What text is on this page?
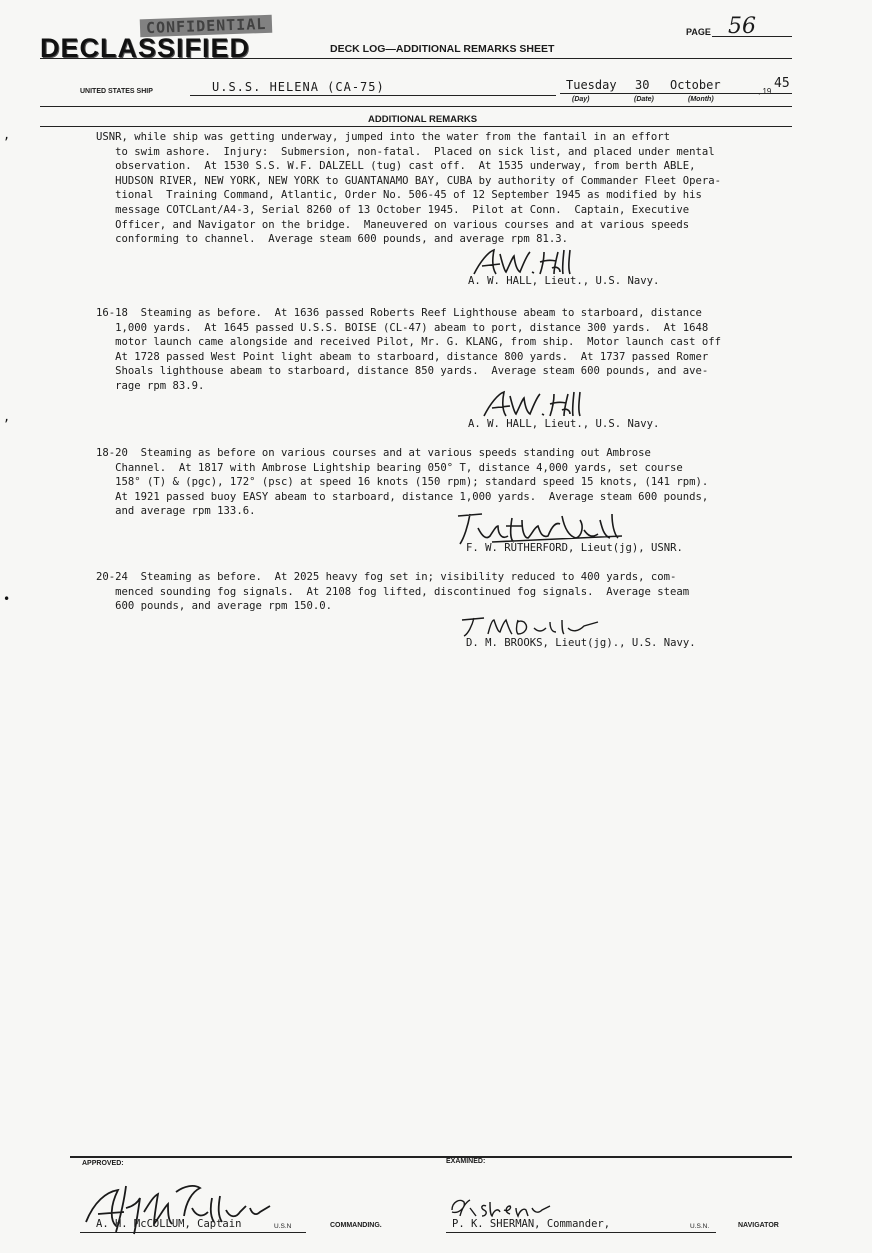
,
,
•
CONFIDENTIAL
DECLASSIFIED
PAGE 56
DECK LOG—ADDITIONAL REMARKS SHEET
UNITED STATES SHIP	U.S.S. HELENA (CA-75)	Tuesday 30 October	, 19
45
(Day)	(Date)	(Month)
ADDITIONAL REMARKS
USNR, while ship was getting underway, jumped into the water from the fantail in an effort
to swim ashore.  Injury:  Submersion, non-fatal.  Placed on sick list, and placed under mental
observation.  At 1530 S.S. W.F. DALZELL (tug) cast off.  At 1535 underway, from berth ABLE,
HUDSON RIVER, NEW YORK, NEW YORK to GUANTANAMO BAY, CUBA by authority of Commander Fleet Opera-
tional  Training Command, Atlantic, Order No. 506-45 of 12 September 1945 as modified by his
message COTCLant/A4-3, Serial 8260 of 13 October 1945.  Pilot at Conn.  Captain, Executive
Officer, and Navigator on the bridge.  Maneuvered on various courses and at various speeds
conforming to channel.  Average steam 600 pounds, and average rpm 81.3.
A. W. HALL, Lieut., U.S. Navy.
16-18  Steaming as before.  At 1636 passed Roberts Reef Lighthouse abeam to starboard, distance
1,000 yards.  At 1645 passed U.S.S. BOISE (CL-47) abeam to port, distance 300 yards.  At 1648
motor launch came alongside and received Pilot, Mr. G. KLANG, from ship.  Motor launch cast off
At 1728 passed West Point light abeam to starboard, distance 800 yards.  At 1737 passed Romer
Shoals lighthouse abeam to starboard, distance 850 yards.  Average steam 600 pounds, and ave-
rage rpm 83.9.
A. W. HALL, Lieut., U.S. Navy.
18-20  Steaming as before on various courses and at various speeds standing out Ambrose
Channel.  At 1817 with Ambrose Lightship bearing 050° T, distance 4,000 yards, set course
158° (T) & (pgc), 172° (psc) at speed 16 knots (150 rpm); standard speed 15 knots, (141 rpm).
At 1921 passed buoy EASY abeam to starboard, distance 1,000 yards.  Average steam 600 pounds,
and average rpm 133.6.
F. W. RUTHERFORD, Lieut(jg), USNR.
20-24  Steaming as before.  At 2025 heavy fog set in; visibility reduced to 400 yards, com-
menced sounding fog signals.  At 2108 fog lifted, discontinued fog signals.  Average steam
600 pounds, and average rpm 150.0.
D. M. BROOKS, Lieut(jg)., U.S. Navy.
APPROVED:	EXAMINED:
A. H. McCOLLUM, Captain	U.S.N	COMMANDING.	P. K. SHERMAN, Commander,	U.S.N.	NAVIGATOR
